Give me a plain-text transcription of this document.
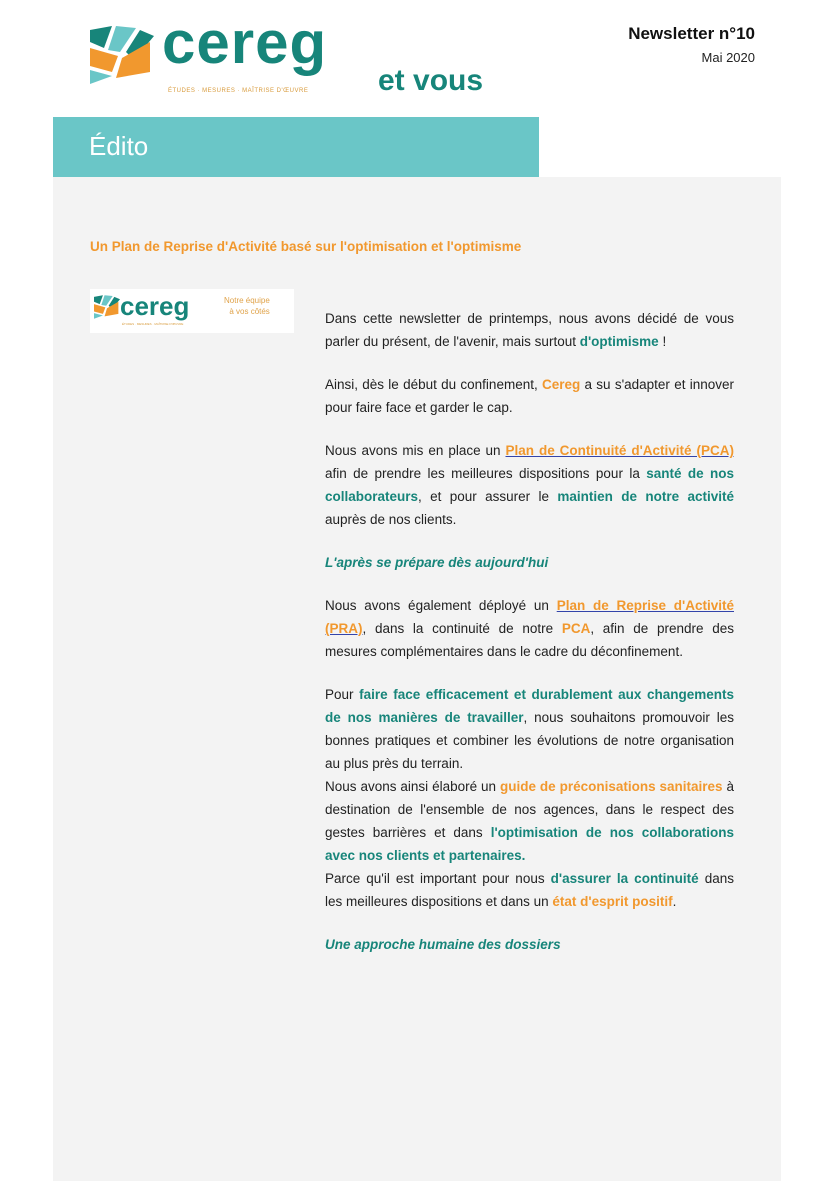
cereg
et vous
ÉTUDES · MESURES · MAÎTRISE D'ŒUVRE
Newsletter n°10
Mai 2020
Édito
Un Plan de Reprise d'Activité basé sur l'optimisation et l'optimisme
cereg	Notre équipe
à vos côtés
ÉTUDES · MESURES · MAÎTRISE D'ŒUVRE	Dans cette newsletter de printemps, nous avons décidé de vous parler du présent, de l'avenir, mais surtout d'optimisme !

Ainsi, dès le début du confinement, Cereg a su s'adapter et innover pour faire face et garder le cap.

Nous avons mis en place un Plan de Continuité d'Activité (PCA) afin de prendre les meilleures dispositions pour la santé de nos collaborateurs, et pour assurer le maintien de notre activité auprès de nos clients.

L'après se prépare dès aujourd'hui

Nous avons également déployé un Plan de Reprise d'Activité (PRA), dans la continuité de notre PCA, afin de prendre des mesures complémentaires dans le cadre du déconfinement.

Pour faire face efficacement et durablement aux changements de nos manières de travailler, nous souhaitons promouvoir les bonnes pratiques et combiner les évolutions de notre organisation au plus près du terrain.

Nous avons ainsi élaboré un guide de préconisations sanitaires à destination de l'ensemble de nos agences, dans le respect des gestes barrières et dans l'optimisation de nos collaborations avec nos clients et partenaires.

Parce qu'il est important pour nous d'assurer la continuité dans les meilleures dispositions et dans un état d'esprit positif.

Une approche humaine des dossiers
